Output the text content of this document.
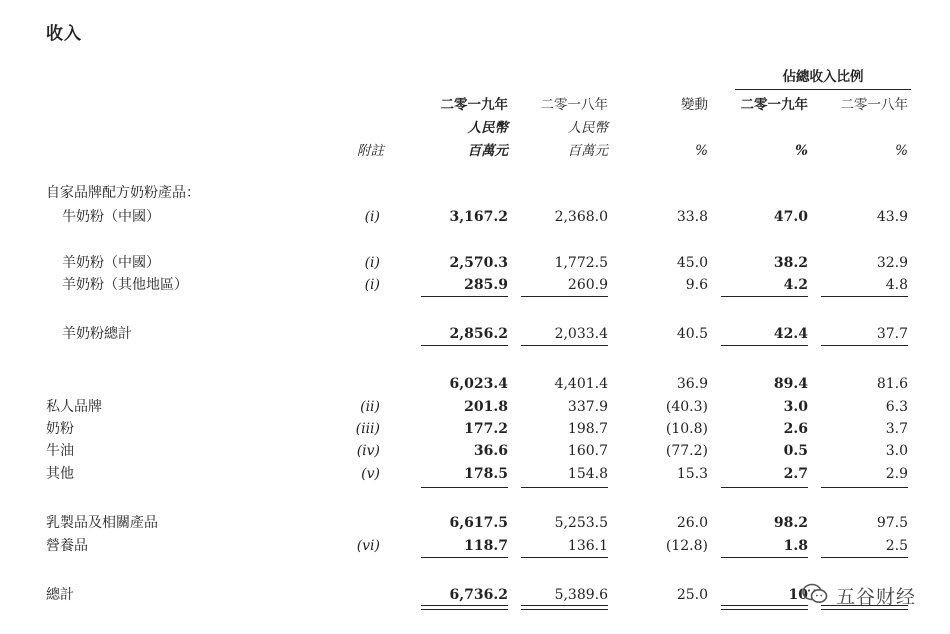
收入
佔總收入比例
二零一九年	二零一八年	變動	二零一九年	二零一八年
人民幣	人民幣
附註	百萬元	百萬元	%	%	%
自家品牌配方奶粉產品：
牛奶粉（中國）	(i)	3,167.2	2,368.0	33.8	47.0	43.9
羊奶粉（中國）	(i)	2,570.3	1,772.5	45.0	38.2	32.9
羊奶粉（其他地區）	(i)	285.9	260.9	9.6	4.2	4.8
羊奶粉總計	2,856.2	2,033.4	40.5	42.4	37.7
6,023.4	4,401.4	36.9	89.4	81.6
私人品牌	(ii)	201.8	337.9	(40.3)	3.0	6.3
奶粉	(iii)	177.2	198.7	(10.8)	2.6	3.7
牛油	(iv)	36.6	160.7	(77.2)	0.5	3.0
其他	(v)	178.5	154.8	15.3	2.7	2.9
乳製品及相關產品	6,617.5	5,253.5	26.0	98.2	97.5
營養品	(vi)	118.7	136.1	(12.8)	1.8	2.5
總計	6,736.2	5,389.6	25.0	10 五谷财经
